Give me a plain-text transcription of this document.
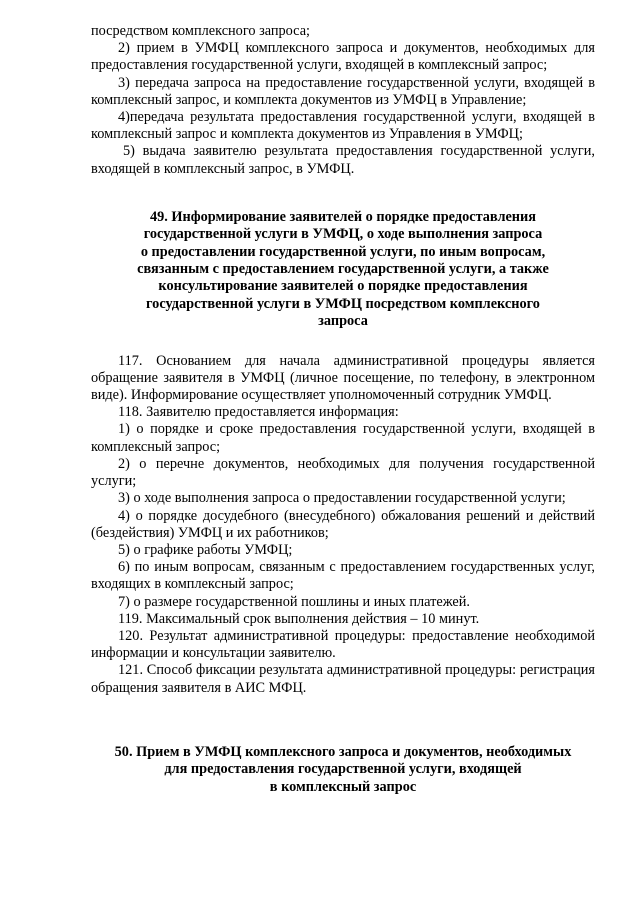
посредством комплексного запроса;

2) прием в УМФЦ комплексного запроса и документов, необходимых для предоставления государственной услуги, входящей в комплексный запрос;

3) передача запроса на предоставление государственной услуги, входящей в комплексный запрос, и комплекта документов из УМФЦ в Управление;

4)передача результата предоставления государственной услуги, входящей в комплексный запрос и комплекта документов из Управления в УМФЦ;

5) выдача заявителю результата предоставления государственной услуги, входящей в комплексный запрос, в УМФЦ.

49. Информирование заявителей о порядке предоставления
государственной услуги в УМФЦ, о ходе выполнения запроса
о предоставлении государственной услуги, по иным вопросам,
связанным с предоставлением государственной услуги, а также
консультирование заявителей о порядке предоставления
государственной услуги в УМФЦ посредством комплексного
запроса

117. Основанием для начала административной процедуры является обращение заявителя в УМФЦ (личное посещение, по телефону, в электронном виде). Информирование осуществляет уполномоченный сотрудник УМФЦ.

118. Заявителю предоставляется информация:

1) о порядке и сроке предоставления государственной услуги, входящей в комплексный запрос;

2) о перечне документов, необходимых для получения государственной услуги;

3) о ходе выполнения запроса о предоставлении государственной услуги;

4) о порядке досудебного (внесудебного) обжалования решений и действий (бездействия) УМФЦ и их работников;

5) о графике работы УМФЦ;

6) по иным вопросам, связанным с предоставлением государственных услуг, входящих в комплексный запрос;

7) о размере государственной пошлины и иных платежей.

119. Максимальный срок выполнения действия – 10 минут.

120. Результат административной процедуры: предоставление необходимой информации и консультации заявителю.

121. Способ фиксации результата административной процедуры: регистрация обращения заявителя в АИС МФЦ.

50. Прием в УМФЦ комплексного запроса и документов, необходимых
для предоставления государственной услуги, входящей
в комплексный запрос
